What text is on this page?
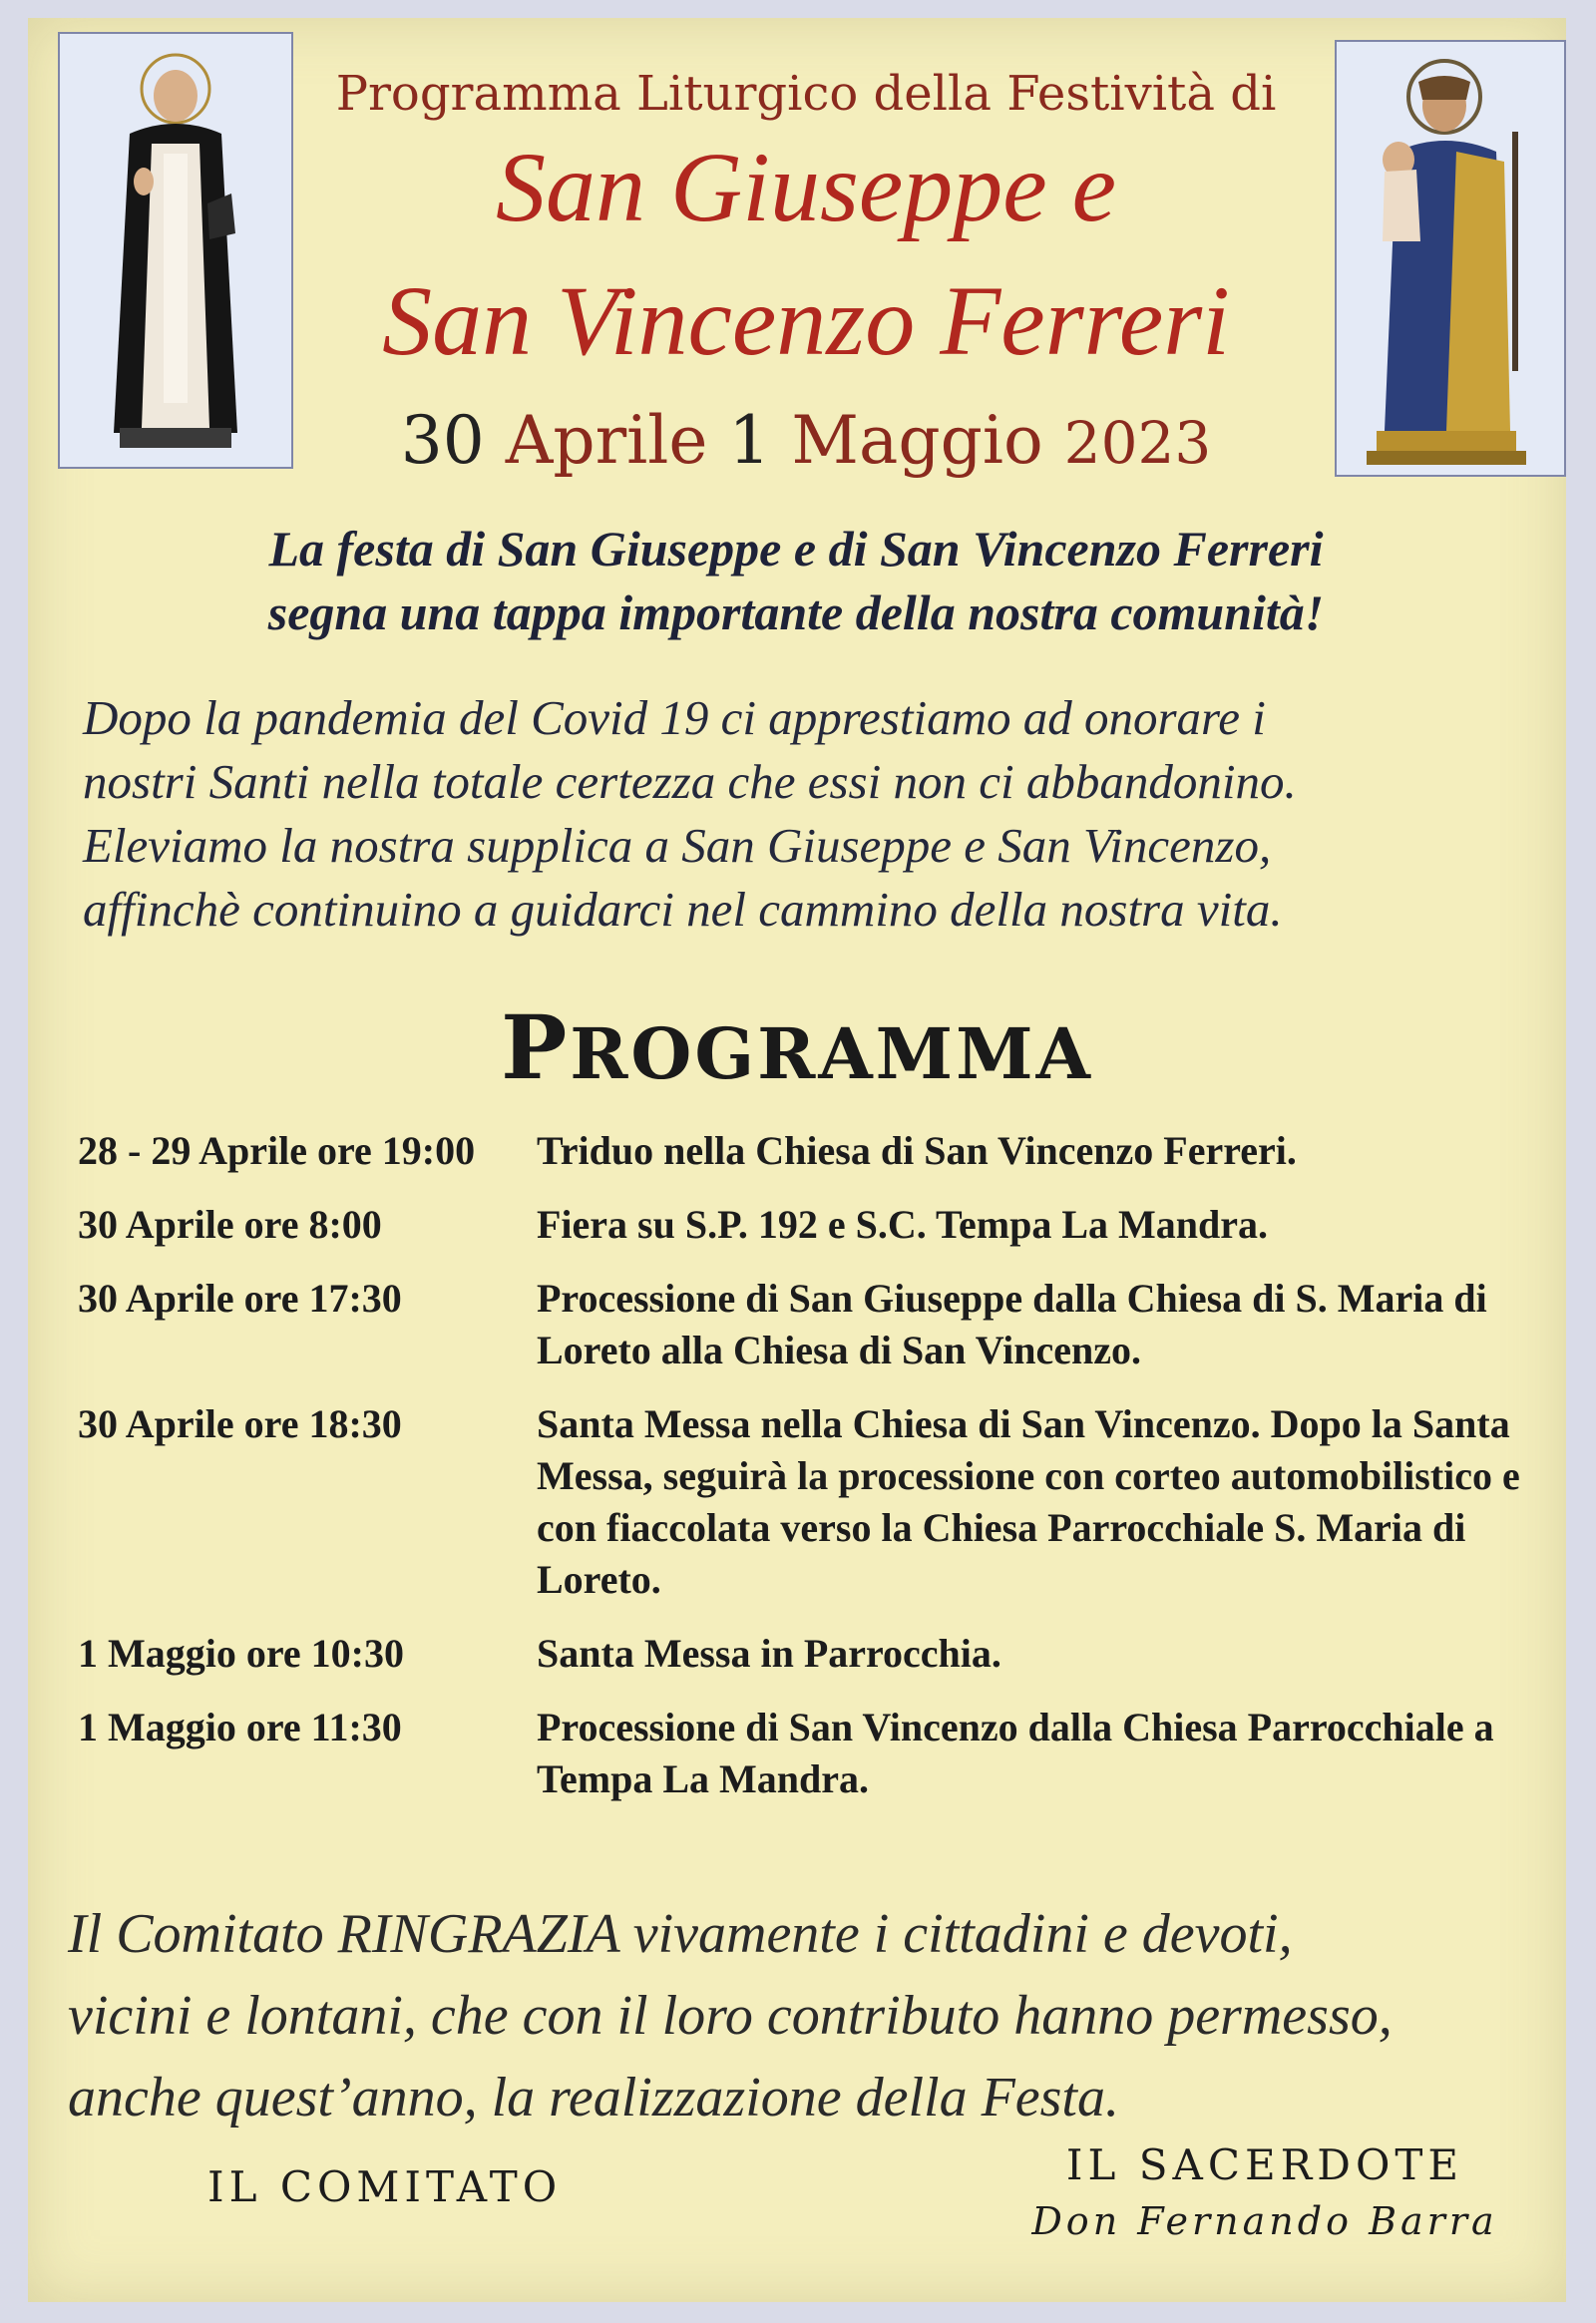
Programma Liturgico della Festività di
San Giuseppe e
San Vincenzo Ferreri
30 Aprile 1 Maggio 2023
La festa di San Giuseppe e di San Vincenzo Ferreri
segna una tappa importante della nostra comunità!
Dopo la pandemia del Covid 19 ci apprestiamo ad onorare i
nostri Santi nella totale certezza che essi non ci abbandonino.
Eleviamo la nostra supplica a San Giuseppe e San Vincenzo,
affinchè continuino a guidarci nel cammino della nostra vita.
PROGRAMMA
28 - 29 Aprile ore 19:00	Triduo nella Chiesa di San Vincenzo Ferreri.
30 Aprile ore 8:00	Fiera su S.P. 192 e S.C. Tempa La Mandra.
30 Aprile ore 17:30	Processione di San Giuseppe dalla Chiesa di S. Maria di Loreto alla Chiesa di San Vincenzo.
30 Aprile ore 18:30	Santa Messa nella Chiesa di San Vincenzo. Dopo la Santa Messa, seguirà la processione con corteo automobilistico e con fiaccolata verso la Chiesa Parrocchiale S. Maria di Loreto.
1 Maggio ore 10:30	Santa Messa in Parrocchia.
1 Maggio ore 11:30	Processione di San Vincenzo dalla Chiesa Parrocchiale a Tempa La Mandra.
Il Comitato RINGRAZIA vivamente i cittadini e devoti,
vicini e lontani, che con il loro contributo hanno permesso,
anche quest’anno, la realizzazione della Festa.
IL COMITATO	IL SACERDOTE
Don Fernando Barra
